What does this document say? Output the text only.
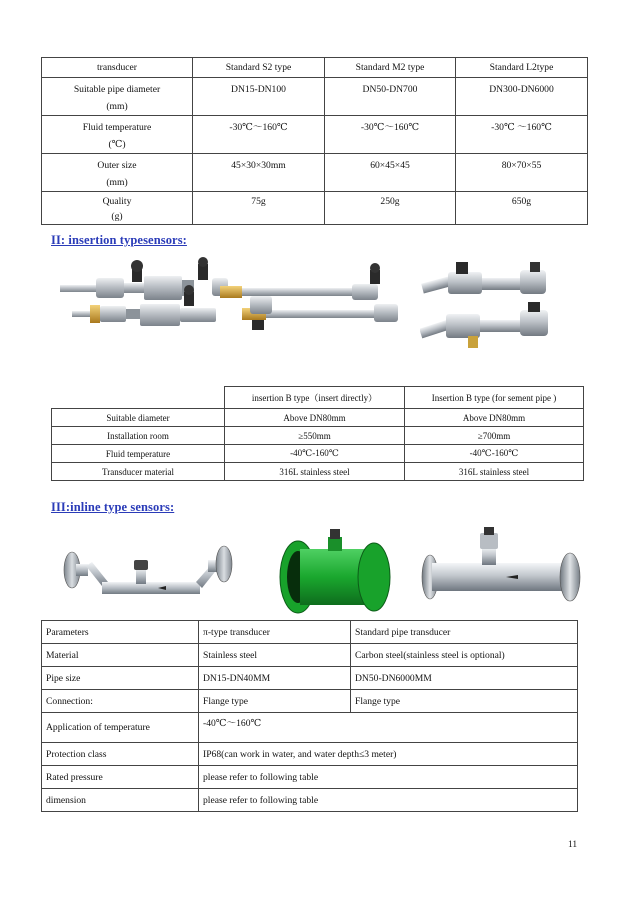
transducer	Standard S2 type	Standard M2 type	Standard L2type

Suitable pipe diameter
(mm)	DN15-DN100	DN50-DN700	DN300-DN6000

Fluid temperature
(℃)	-30℃～160℃	-30℃～160℃	-30℃ ～160℃

Outer size
(mm)	45×30×30mm	60×45×45	80×70×55

Quality
(g)	75g	250g	650g
II: insertion typesensors:
	insertion B type（insert directly）	Insertion B type (for sement pipe )
Suitable diameter	Above DN80mm	Above DN80mm
Installation room	≥550mm	≥700mm
Fluid temperature	-40℃-160℃	-40℃-160℃
Transducer material	316L stainless steel	316L stainless steel
III:inline type sensors:
Parameters	π-type transducer	Standard pipe transducer
Material	Stainless steel	Carbon steel(stainless steel is optional)
Pipe size	DN15-DN40MM	DN50-DN6000MM
Connection:	Flange type	Flange type
Application of temperature	-40℃～160℃	
Protection class	IP68(can work in water, and water depth≤3 meter)	
Rated pressure	please refer to following table	
dimension	please refer to following table	
11
